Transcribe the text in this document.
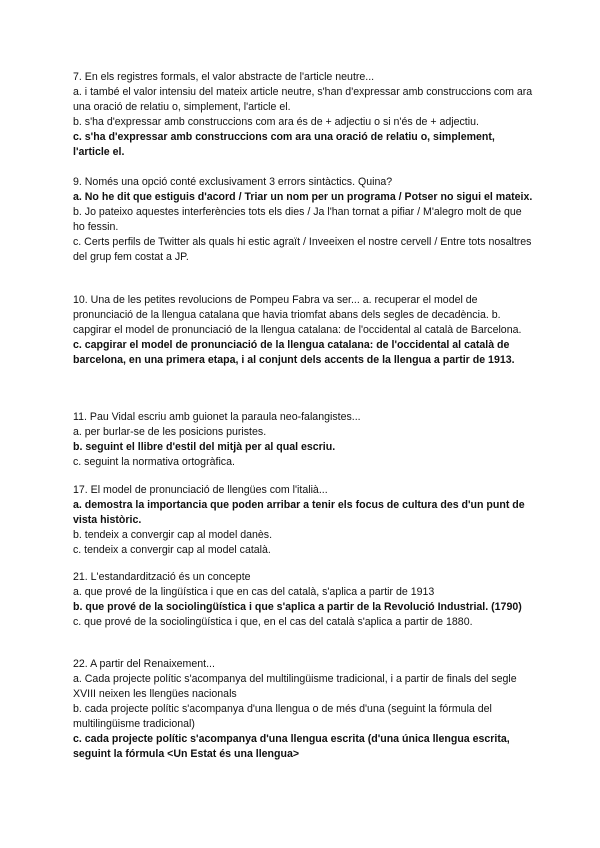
7. En els registres formals, el valor abstracte de l'article neutre...

a. i també el valor intensiu del mateix article neutre, s'han d'expressar amb construccions com ara una oració de relatiu o, simplement, l'article el.

b. s'ha d'expressar amb construccions com ara és de + adjectiu o si n'és de + adjectiu.

c. s'ha d'expressar amb construccions com ara una oració de relatiu o, simplement, l'article el.

9. Només una opció conté exclusivament 3 errors sintàctics. Quina?

a. No he dit que estiguis d'acord / Triar un nom per un programa / Potser no sigui el mateix.

b. Jo pateixo aquestes interferències tots els dies / Ja l'han tornat a pifiar / M'alegro molt de que ho fessin.

c. Certs perfils de Twitter als quals hi estic agraït / Inveeixen el nostre cervell / Entre tots nosaltres del grup fem costat a JP.

10. Una de les petites revolucions de Pompeu Fabra va ser... a. recuperar el model de pronunciació de la llengua catalana que havia triomfat abans dels segles de decadència. b. capgirar el model de pronunciació de la llengua catalana: de l'occidental al català de Barcelona. c. capgirar el model de pronunciació de la llengua catalana: de l'occidental al català de barcelona, en una primera etapa, i al conjunt dels accents de la llengua a partir de 1913.

11. Pau Vidal escriu amb guionet la paraula neo-falangistes...

a. per burlar-se de les posicions puristes.

b. seguint el llibre d'estil del mitjà per al qual escriu.

c. seguint la normativa ortogràfica.

17. El model de pronunciació de llengües com l'italià...

a. demostra la importancia que poden arribar a tenir els focus de cultura des d'un punt de vista històric.

b. tendeix a convergir cap al model danès.

c. tendeix a convergir cap al model català.

21. L'estandardització és un concepte

a. que prové de la lingüística i que en cas del català, s'aplica a partir de 1913

b. que prové de la sociolingüística i que s'aplica a partir de la Revolució Industrial. (1790)

c. que prové de la sociolingüística i que, en el cas del català s'aplica a partir de 1880.

22. A partir del Renaixement...

a. Cada projecte polític s'acompanya del multilingüisme tradicional, i a partir de finals del segle XVIII neixen les llengües nacionals

b. cada projecte polític s'acompanya d'una llengua o de més d'una (seguint la fórmula del multilingüisme tradicional)

c. cada projecte polític s'acompanya d'una llengua escrita (d'una única llengua escrita, seguint la fórmula <Un Estat és una llengua>
